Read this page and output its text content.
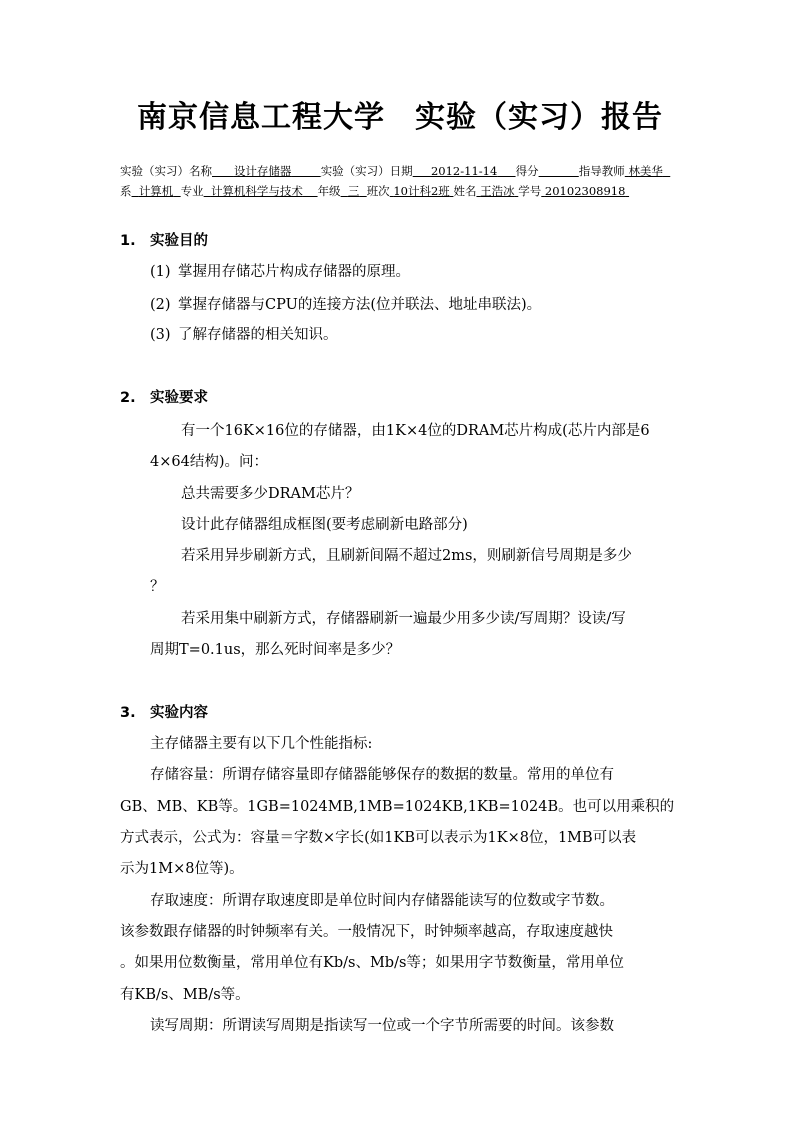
南京信息工程大学 实验（实习）报告
实验（实习）名称 设计存储器	实验（实习）日期 2012-11-14 得分	指导教师 林美华
系 计算机 专业 计算机科学与技术 年级 三 班次 10计科2班 姓名 王浩冰 学号 20102308918
1. 实验目的
(1) 掌握用存储芯片构成存储器的原理。
(2) 掌握存储器与CPU的连接方法(位并联法、地址串联法)。
(3) 了解存储器的相关知识。
2. 实验要求
有一个16K×16位的存储器，由1K×4位的DRAM芯片构成(芯片内部是6
4×64结构)。问：
总共需要多少DRAM芯片？
设计此存储器组成框图(要考虑刷新电路部分)
若采用异步刷新方式，且刷新间隔不超过2ms，则刷新信号周期是多少
？
若采用集中刷新方式，存储器刷新一遍最少用多少读/写周期？设读/写
周期T=0.1us，那么死时间率是多少？
3. 实验内容
主存储器主要有以下几个性能指标:
存储容量：所谓存储容量即存储器能够保存的数据的数量。常用的单位有
GB、MB、KB等。1GB=1024MB,1MB=1024KB,1KB=1024B。也可以用乘积的
方式表示，公式为：容量＝字数×字长(如1KB可以表示为1K×8位，1MB可以表
示为1M×8位等)。
存取速度：所谓存取速度即是单位时间内存储器能读写的位数或字节数。
该参数跟存储器的时钟频率有关。一般情况下，时钟频率越高，存取速度越快
。如果用位数衡量，常用单位有Kb/s、Mb/s等；如果用字节数衡量，常用单位
有KB/s、MB/s等。
读写周期：所谓读写周期是指读写一位或一个字节所需要的时间。该参数
